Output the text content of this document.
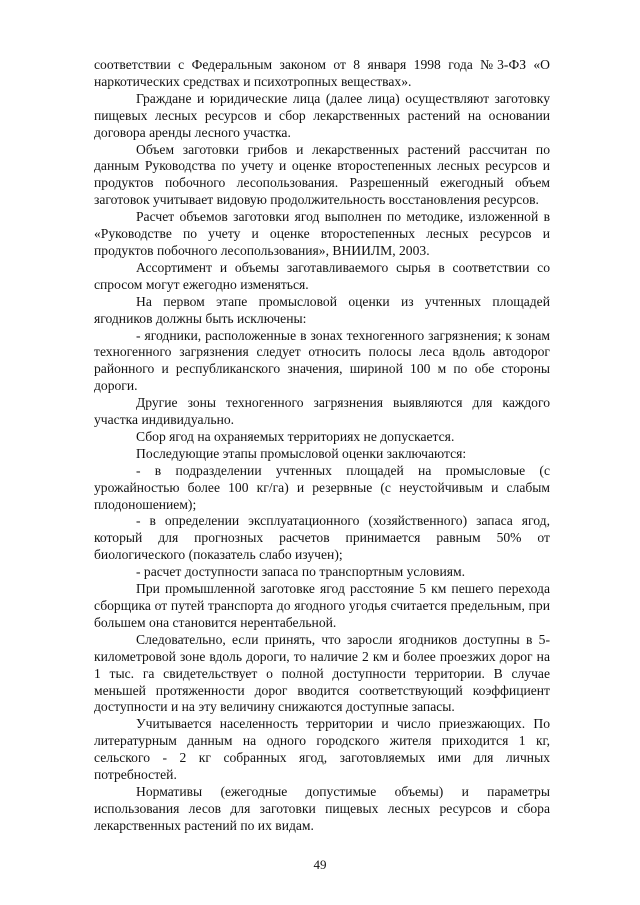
соответствии с Федеральным законом от 8 января 1998 года №3-ФЗ «О наркотических средствах и психотропных веществах».

Граждане и юридические лица (далее лица) осуществляют заготовку пищевых лесных ресурсов и сбор лекарственных растений на основании договора аренды лесного участка.

Объем заготовки грибов и лекарственных растений рассчитан по данным Руководства по учету и оценке второстепенных лесных ресурсов и продуктов побочного лесопользования. Разрешенный ежегодный объем заготовок учитывает видовую продолжительность восстановления ресурсов.

Расчет объемов заготовки ягод выполнен по методике, изложенной в «Руководстве по учету и оценке второстепенных лесных ресурсов и продуктов побочного лесопользования», ВНИИЛМ, 2003.

Ассортимент и объемы заготавливаемого сырья в соответствии со спросом могут ежегодно изменяться.

На первом этапе промысловой оценки из учтенных площадей ягодников должны быть исключены:

- ягодники, расположенные в зонах техногенного загрязнения; к зонам техногенного загрязнения следует относить полосы леса вдоль автодорог районного и республиканского значения, шириной 100 м по обе стороны дороги.

Другие зоны техногенного загрязнения выявляются для каждого участка индивидуально.

Сбор ягод на охраняемых территориях не допускается.

Последующие этапы промысловой оценки заключаются:

- в подразделении учтенных площадей на промысловые (с урожайностью более 100 кг/га) и резервные (с неустойчивым и слабым плодоношением);

- в определении эксплуатационного (хозяйственного) запаса ягод, который для прогнозных расчетов принимается равным 50% от биологического (показатель слабо изучен);

- расчет доступности запаса по транспортным условиям.

При промышленной заготовке ягод расстояние 5 км пешего перехода сборщика от путей транспорта до ягодного угодья считается предельным, при большем она становится нерентабельной.

Следовательно, если принять, что заросли ягодников доступны в 5-километровой зоне вдоль дороги, то наличие 2 км и более проезжих дорог на 1 тыс. га свидетельствует о полной доступности территории. В случае меньшей протяженности дорог вводится соответствующий коэффициент доступности и на эту величину снижаются доступные запасы.

Учитывается населенность территории и число приезжающих. По литературным данным на одного городского жителя приходится 1 кг, сельского - 2 кг собранных ягод, заготовляемых ими для личных потребностей.

Нормативы (ежегодные допустимые объемы) и параметры использования лесов для заготовки пищевых лесных ресурсов и сбора лекарственных растений по их видам.

49
